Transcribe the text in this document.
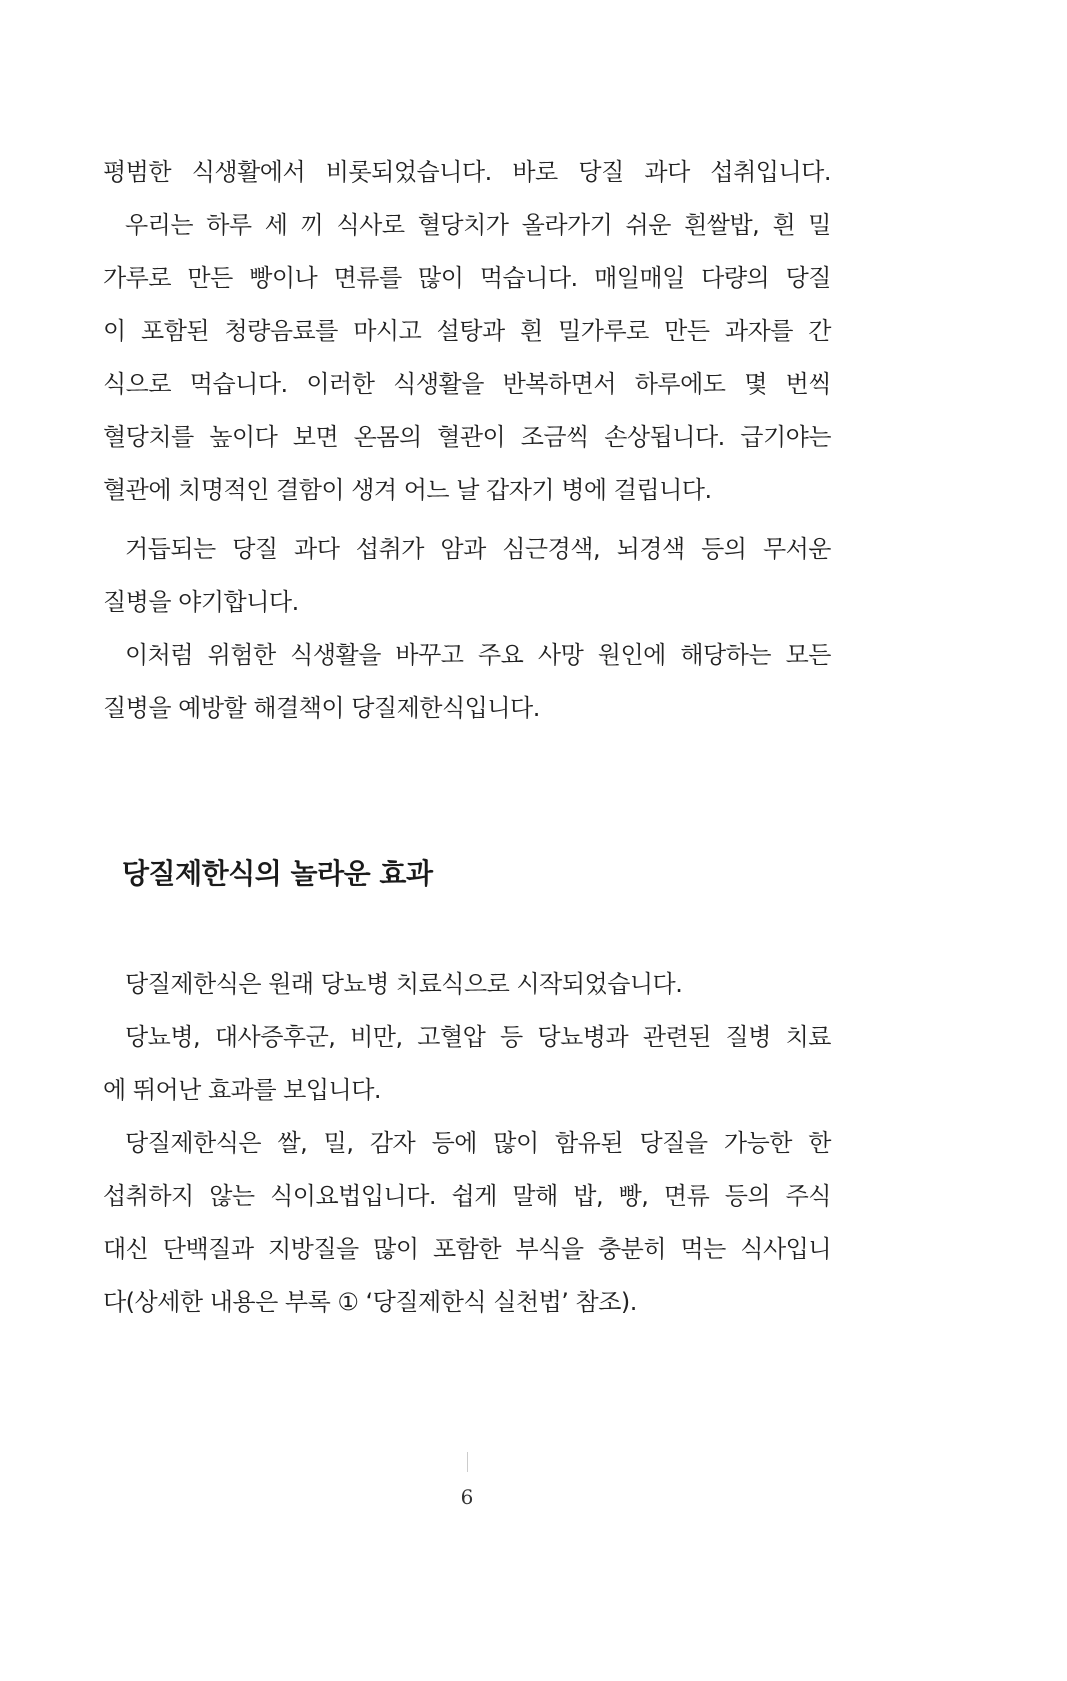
평범한 식생활에서 비롯되었습니다. 바로 당질 과다 섭취입니다.
우리는 하루 세 끼 식사로 혈당치가 올라가기 쉬운 흰쌀밥, 흰 밀
가루로 만든 빵이나 면류를 많이 먹습니다. 매일매일 다량의 당질
이 포함된 청량음료를 마시고 설탕과 흰 밀가루로 만든 과자를 간
식으로 먹습니다. 이러한 식생활을 반복하면서 하루에도 몇 번씩
혈당치를 높이다 보면 온몸의 혈관이 조금씩 손상됩니다. 급기야는
혈관에 치명적인 결함이 생겨 어느 날 갑자기 병에 걸립니다.
거듭되는 당질 과다 섭취가 암과 심근경색, 뇌경색 등의 무서운
질병을 야기합니다.
이처럼 위험한 식생활을 바꾸고 주요 사망 원인에 해당하는 모든
질병을 예방할 해결책이 당질제한식입니다.
당질제한식의 놀라운 효과
당질제한식은 원래 당뇨병 치료식으로 시작되었습니다.
당뇨병, 대사증후군, 비만, 고혈압 등 당뇨병과 관련된 질병 치료
에 뛰어난 효과를 보입니다.
당질제한식은 쌀, 밀, 감자 등에 많이 함유된 당질을 가능한 한
섭취하지 않는 식이요법입니다. 쉽게 말해 밥, 빵, 면류 등의 주식
대신 단백질과 지방질을 많이 포함한 부식을 충분히 먹는 식사입니
다(상세한 내용은 부록 ① ‘당질제한식 실천법’ 참조).
6
